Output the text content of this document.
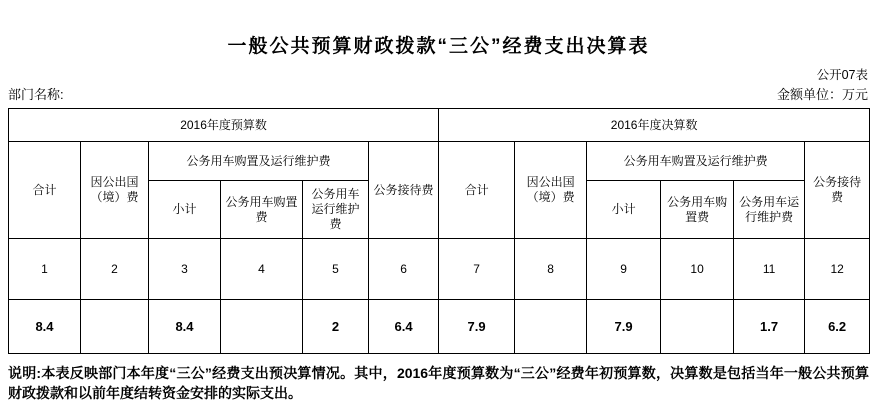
一般公共预算财政拨款“三公”经费支出决算表
公开07表
部门名称:	金额单位：万元
2016年度预算数						2016年度决算数					
合计	因公出国（境）费	公务用车购置及运行维护费			公务接待费	合计	因公出国（境）费	公务用车购置及运行维护费			公务接待费
		小计	公务用车购置费	公务用车运行维护费				小计	公务用车购置费	公务用车运行维护费	
1	2	3	4	5	6	7	8	9	10	11	12
8.4		8.4		2	6.4	7.9		7.9		1.7	6.2

说明:本表反映部门本年度“三公”经费支出预决算情况。其中，2016年度预算数为“三公”经费年初预算数，决算数是包括当年一般公共预算财政拨款和以前年度结转资金安排的实际支出。
